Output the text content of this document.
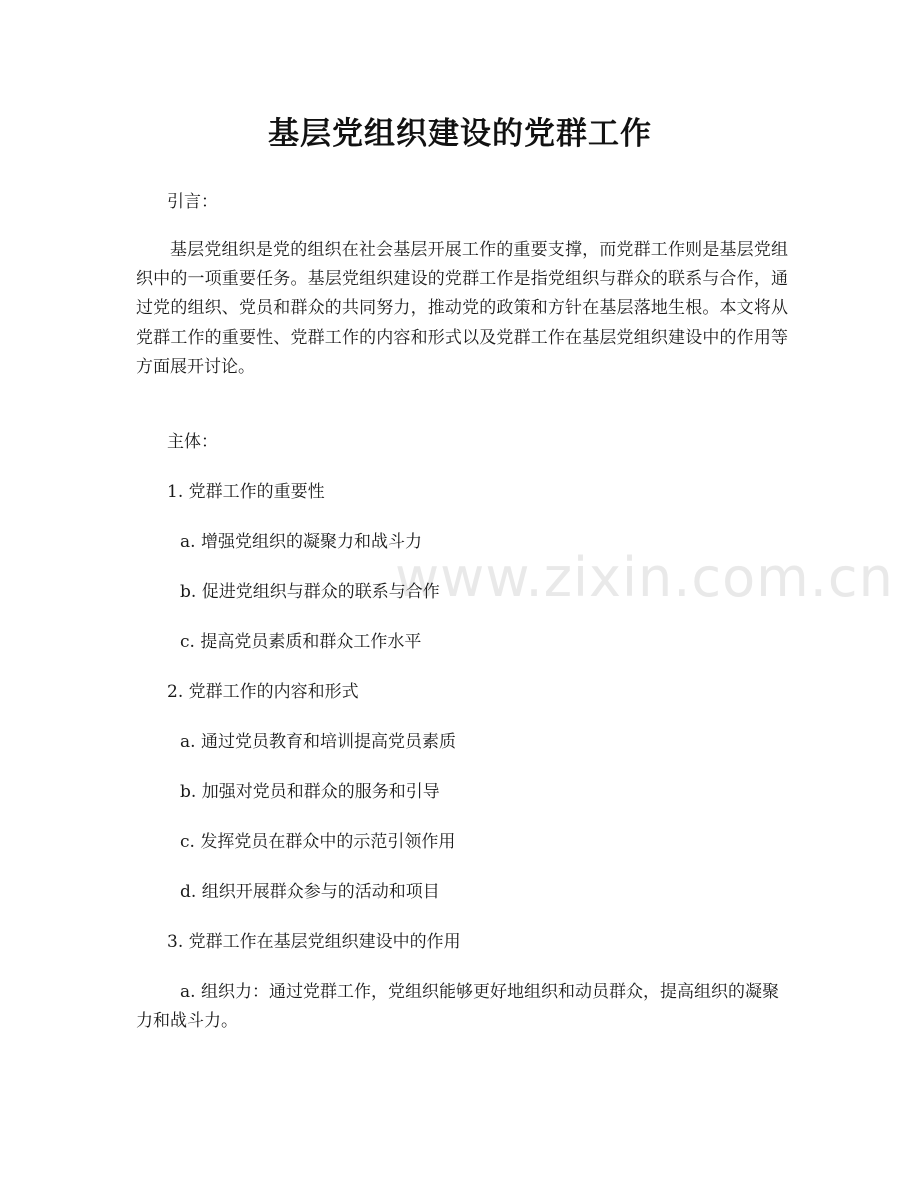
www.zixin.com.cn
基层党组织建设的党群工作
引言：
基层党组织是党的组织在社会基层开展工作的重要支撑，而党群工作则是基层党组织中的一项重要任务。基层党组织建设的党群工作是指党组织与群众的联系与合作，通过党的组织、党员和群众的共同努力，推动党的政策和方针在基层落地生根。本文将从党群工作的重要性、党群工作的内容和形式以及党群工作在基层党组织建设中的作用等方面展开讨论。
主体：
1. 党群工作的重要性
a. 增强党组织的凝聚力和战斗力
b. 促进党组织与群众的联系与合作
c. 提高党员素质和群众工作水平
2. 党群工作的内容和形式
a. 通过党员教育和培训提高党员素质
b. 加强对党员和群众的服务和引导
c. 发挥党员在群众中的示范引领作用
d. 组织开展群众参与的活动和项目
3. 党群工作在基层党组织建设中的作用
a. 组织力：通过党群工作，党组织能够更好地组织和动员群众，提高组织的凝聚力和战斗力。
